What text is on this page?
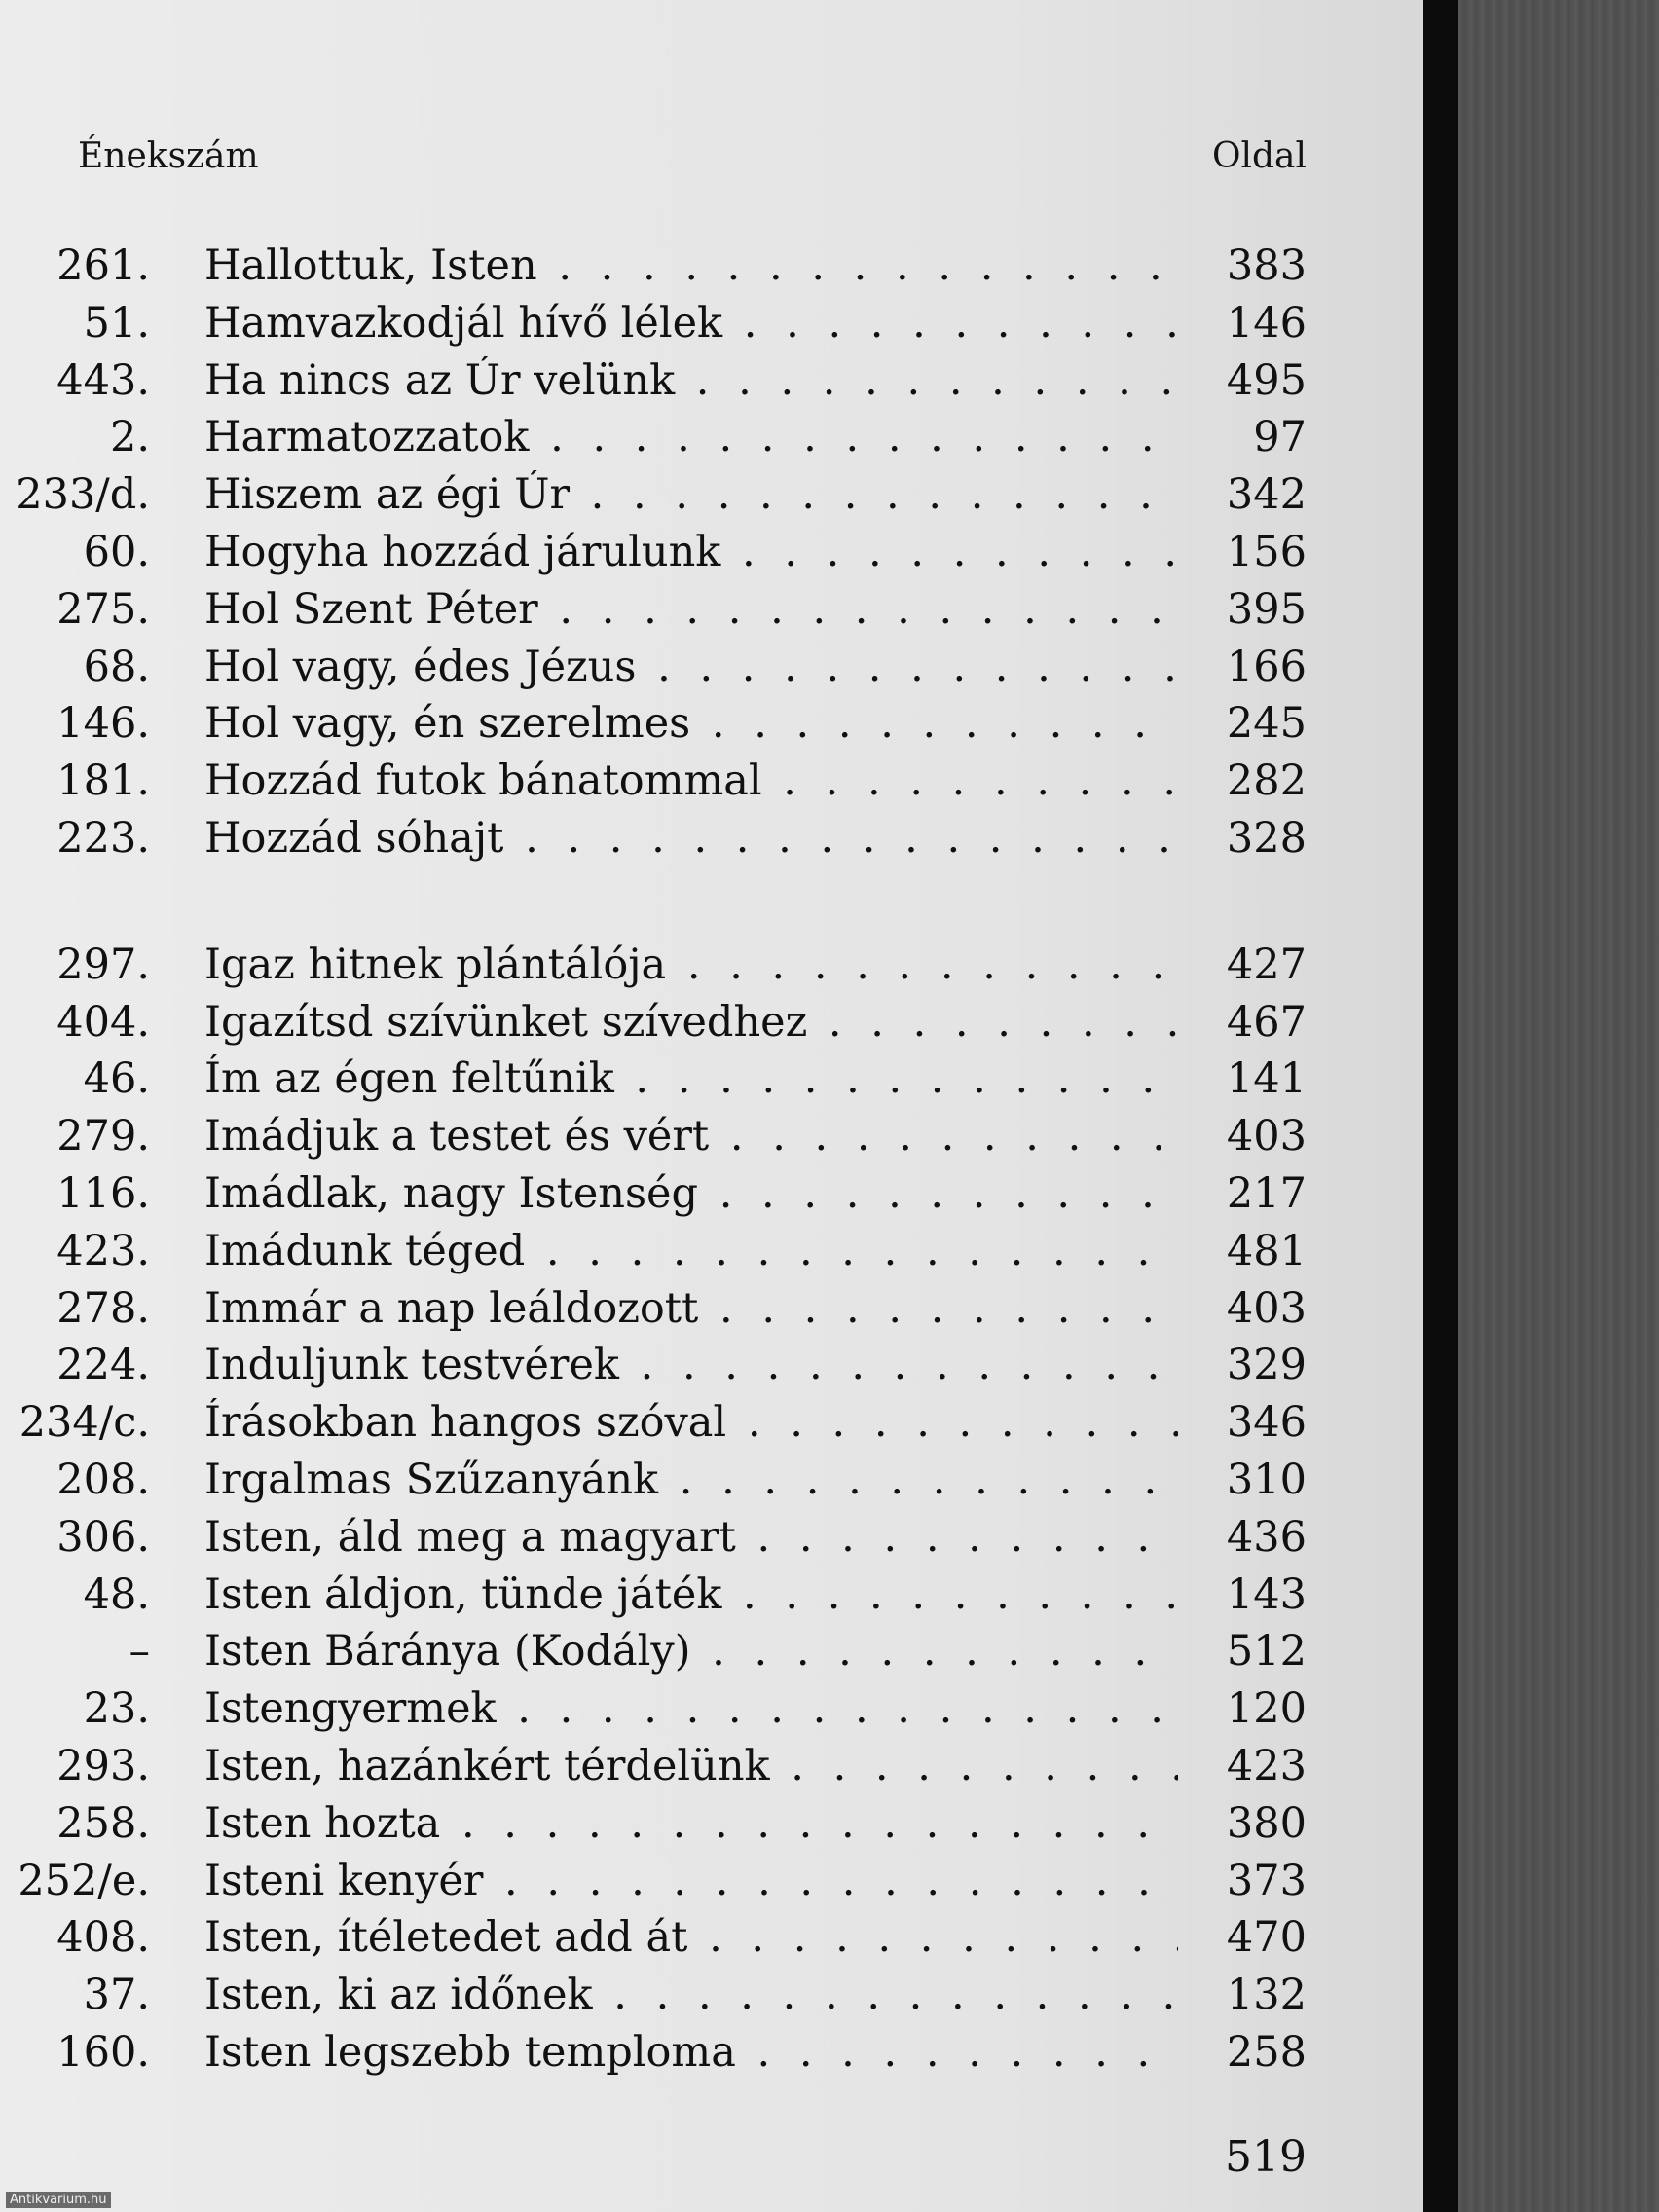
Énekszám	Oldal
261. Hallottuk, Isten . . .	383
51. Hamvazkodjál hívő lélek . . .	146
443. Ha nincs az Úr velünk . . .	495
2. Harmatozzatok . . .	97
233/d. Hiszem az égi Úr . . .	342
60. Hogyha hozzád járulunk . . .	156
275. Hol Szent Péter . . .	395
68. Hol vagy, édes Jézus . . .	166
146. Hol vagy, én szerelmes . . .	245
181. Hozzád futok bánatommal . . .	282
223. Hozzád sóhajt . . .	328
297. Igaz hitnek plántálója . . .	427
404. Igazítsd szívünket szívedhez . . .	467
46. Ím az égen feltűnik . . .	141
279. Imádjuk a testet és vért . . .	403
116. Imádlak, nagy Istenség . . .	217
423. Imádunk téged . . .	481
278. Immár a nap leáldozott . . .	403
224. Induljunk testvérek . . .	329
234/c. Írásokban hangos szóval . . .	346
208. Irgalmas Szűzanyánk . . .	310
306. Isten, áld meg a magyart . . .	436
48. Isten áldjon, tünde játék . . .	143
– Isten Báránya (Kodály) . . .	512
23. Istengyermek . . .	120
293. Isten, hazánkért térdelünk . . .	423
258. Isten hozta . . .	380
252/e. Isteni kenyér . . .	373
408. Isten, ítéletedet add át . . .	470
37. Isten, ki az időnek . . .	132
160. Isten legszebb temploma . . .	258
519
Antikvarium.hu
